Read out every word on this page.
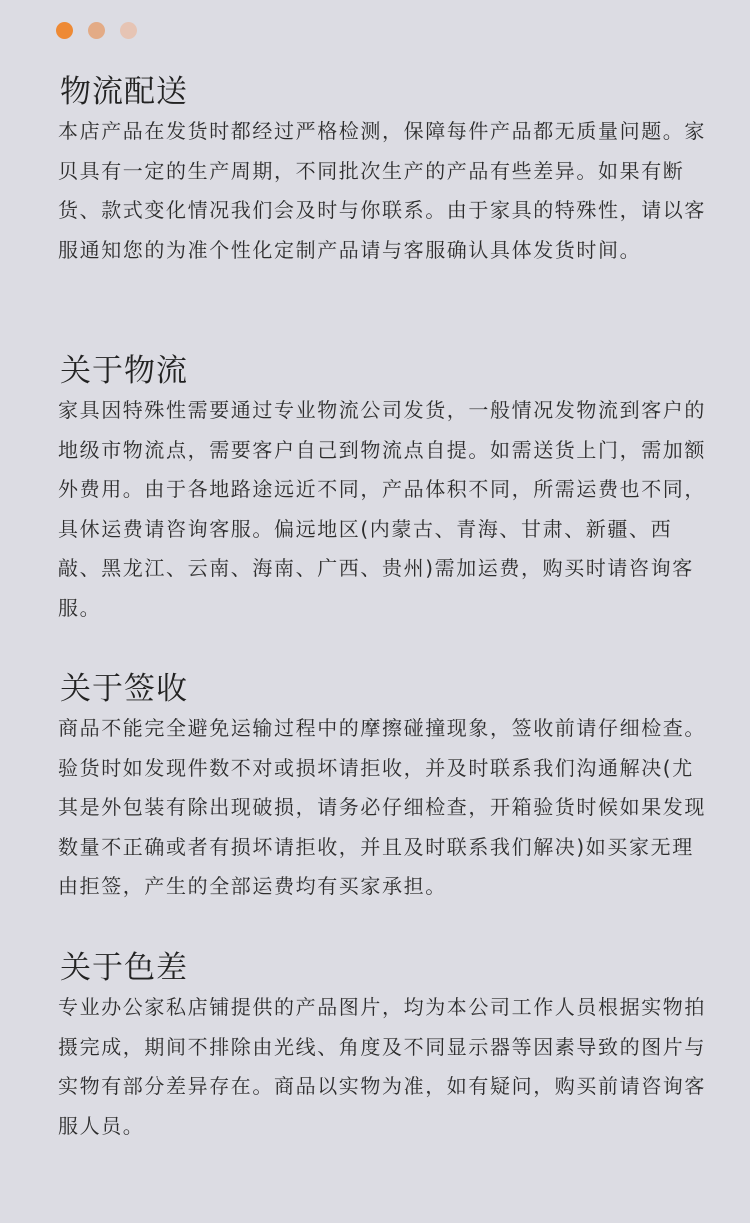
物流配送

本店产品在发货时都经过严格检测，保障每件产品都无质量问题。家贝具有一定的生产周期，不同批次生产的产品有些差异。如果有断货、款式变化情况我们会及时与你联系。由于家具的特殊性，请以客服通知您的为准个性化定制产品请与客服确认具体发货时间。

关于物流

家具因特殊性需要通过专业物流公司发货，一般情况发物流到客户的地级市物流点，需要客户自己到物流点自提。如需送货上门，需加额外费用。由于各地路途远近不同，产品体积不同，所需运费也不同，具休运费请咨询客服。偏远地区(内蒙古、青海、甘肃、新疆、西敲、黑龙江、云南、海南、广西、贵州)需加运费，购买时请咨询客服。

关于签收

商品不能完全避免运输过程中的摩擦碰撞现象，签收前请仔细检查。验货时如发现件数不对或损坏请拒收，并及时联系我们沟通解决(尤其是外包装有除出现破损，请务必仔细检查，开箱验货时候如果发现数量不正确或者有损坏请拒收，并且及时联系我们解决)如买家无理由拒签，产生的全部运费均有买家承担。

关于色差

专业办公家私店铺提供的产品图片，均为本公司工作人员根据实物拍摄完成，期间不排除由光线、角度及不同显示器等因素导致的图片与实物有部分差异存在。商品以实物为准，如有疑问，购买前请咨询客服人员。
